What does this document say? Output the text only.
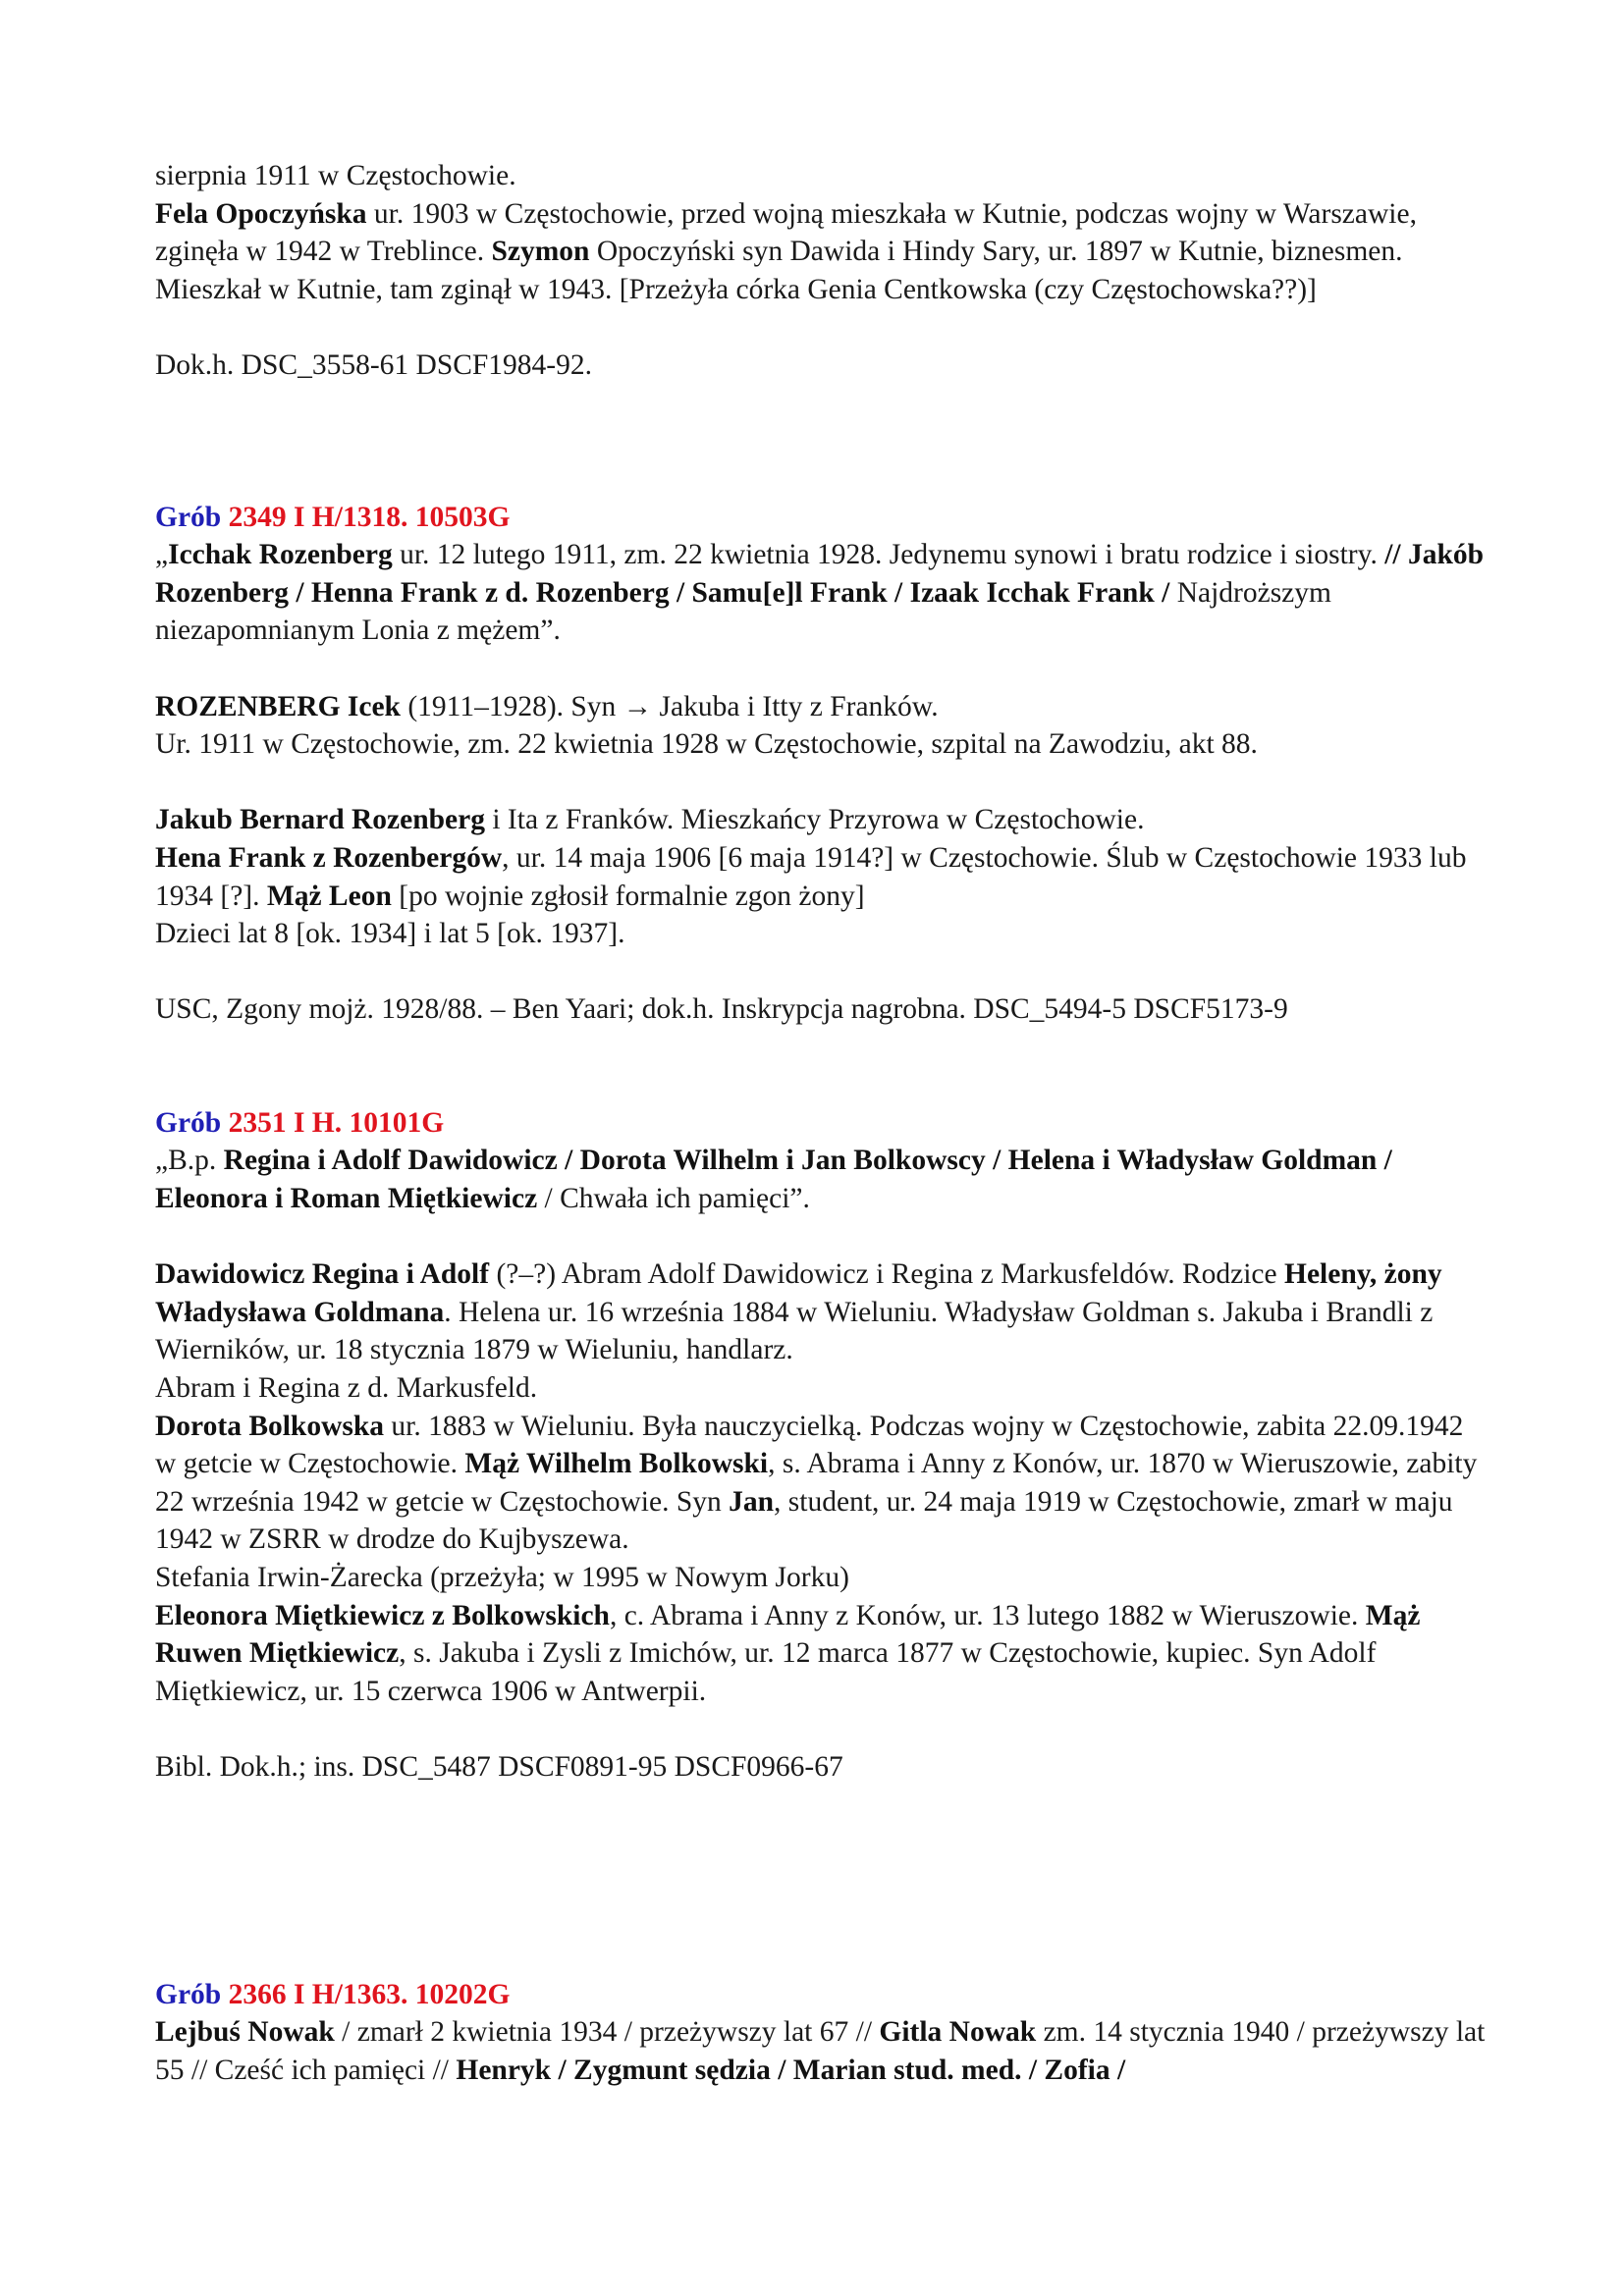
sierpnia 1911 w Częstochowie.

Fela Opoczyńska ur. 1903 w Częstochowie, przed wojną mieszkała w Kutnie, podczas wojny w Warszawie, zginęła w 1942 w Treblince. Szymon Opoczyński syn Dawida i Hindy Sary, ur. 1897 w Kutnie, biznesmen. Mieszkał w Kutnie, tam zginął w 1943. [Przeżyła córka Genia Centkowska (czy Częstochowska??)]

Dok.h. DSC_3558-61 DSCF1984-92.

Grób 2349 I H/1318. 10503G

„Icchak Rozenberg ur. 12 lutego 1911, zm. 22 kwietnia 1928. Jedynemu synowi i bratu rodzice i siostry. // Jakób Rozenberg / Henna Frank z d. Rozenberg / Samu[e]l Frank / Izaak Icchak Frank / Najdroższym niezapomnianym Lonia z mężem”.

ROZENBERG Icek (1911–1928). Syn → Jakuba i Itty z Franków.

Ur. 1911 w Częstochowie, zm. 22 kwietnia 1928 w Częstochowie, szpital na Zawodziu, akt 88.

Jakub Bernard Rozenberg i Ita z Franków. Mieszkańcy Przyrowa w Częstochowie.

Hena Frank z Rozenbergów, ur. 14 maja 1906 [6 maja 1914?] w Częstochowie. Ślub w Częstochowie 1933 lub 1934 [?]. Mąż Leon [po wojnie zgłosił formalnie zgon żony]

Dzieci lat 8 [ok. 1934] i lat 5 [ok. 1937].

USC, Zgony mojż. 1928/88. – Ben Yaari; dok.h. Inskrypcja nagrobna. DSC_5494-5 DSCF5173-9

Grób 2351 I H. 10101G

„B.p. Regina i Adolf Dawidowicz / Dorota Wilhelm i Jan Bolkowscy / Helena i Władysław Goldman / Eleonora i Roman Miętkiewicz / Chwała ich pamięci”.

Dawidowicz Regina i Adolf (?–?) Abram Adolf Dawidowicz i Regina z Markusfeldów. Rodzice Heleny, żony Władysława Goldmana. Helena ur. 16 września 1884 w Wieluniu. Władysław Goldman s. Jakuba i Brandli z Wierników, ur. 18 stycznia 1879 w Wieluniu, handlarz.

Abram i Regina z d. Markusfeld.

Dorota Bolkowska ur. 1883 w Wieluniu. Była nauczycielką. Podczas wojny w Częstochowie, zabita 22.09.1942 w getcie w Częstochowie. Mąż Wilhelm Bolkowski, s. Abrama i Anny z Konów, ur. 1870 w Wieruszowie, zabity 22 września 1942 w getcie w Częstochowie. Syn Jan, student, ur. 24 maja 1919 w Częstochowie, zmarł w maju 1942 w ZSRR w drodze do Kujbyszewa.

Stefania Irwin-Żarecka (przeżyła; w 1995 w Nowym Jorku)

Eleonora Miętkiewicz z Bolkowskich, c. Abrama i Anny z Konów, ur. 13 lutego 1882 w Wieruszowie. Mąż Ruwen Miętkiewicz, s. Jakuba i Zysli z Imichów, ur. 12 marca 1877 w Częstochowie, kupiec. Syn Adolf Miętkiewicz, ur. 15 czerwca 1906 w Antwerpii.

Bibl. Dok.h.; ins. DSC_5487 DSCF0891-95 DSCF0966-67

Grób 2366 I H/1363. 10202G

Lejbuś Nowak / zmarł 2 kwietnia 1934 / przeżywszy lat 67 // Gitla Nowak zm. 14 stycznia 1940 / przeżywszy lat 55 // Cześć ich pamięci // Henryk / Zygmunt sędzia / Marian stud. med. / Zofia /
